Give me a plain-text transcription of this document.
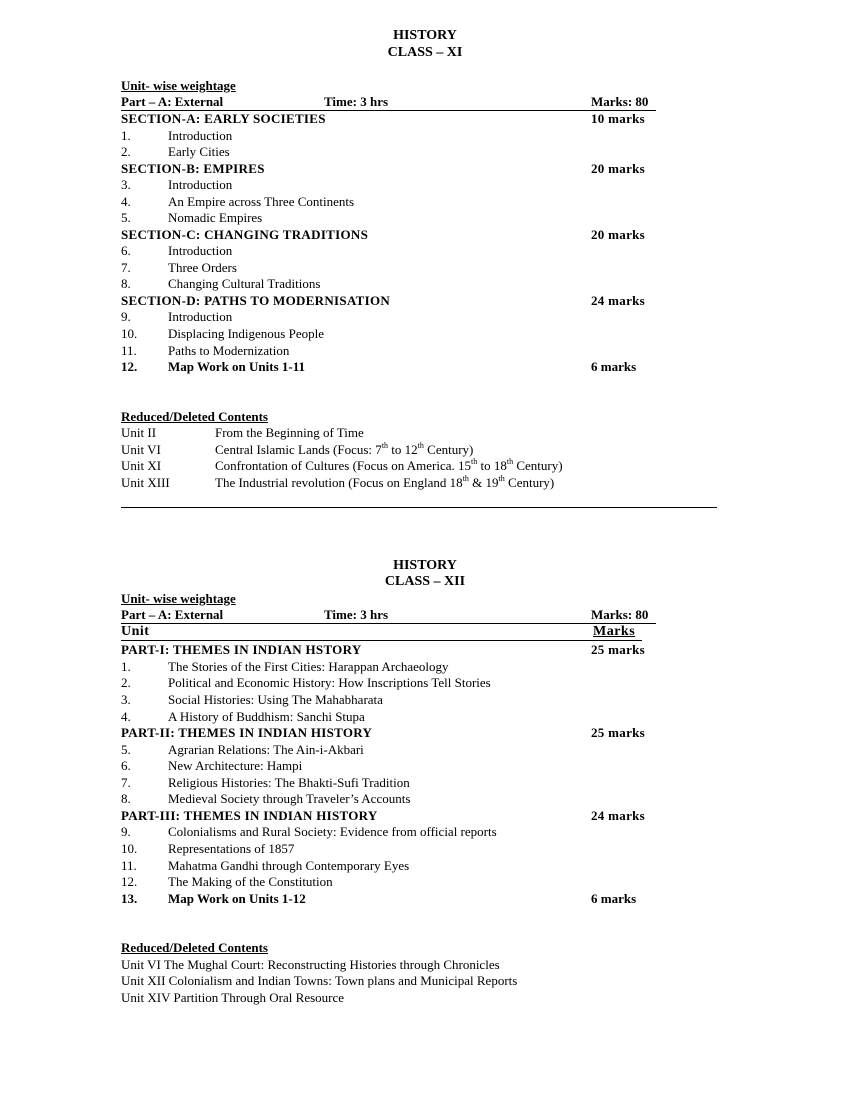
HISTORY
CLASS – XI
Unit- wise weightage
Part – A: External	Time: 3 hrs	Marks: 80
SECTION-A: EARLY SOCIETIES	10 marks
1.	Introduction
2.	Early Cities
SECTION-B: EMPIRES	20 marks
3.	Introduction
4.	An Empire across Three Continents
5.	Nomadic Empires
SECTION-C: CHANGING TRADITIONS	20 marks
6.	Introduction
7.	Three Orders
8.	Changing Cultural Traditions
SECTION-D: PATHS TO MODERNISATION	24 marks
9.	Introduction
10. Displacing Indigenous People
11. Paths to Modernization
12. Map Work on Units 1-11	6 marks
Reduced/Deleted Contents
Unit II	From the Beginning of Time
Unit VI	Central Islamic Lands (Focus: 7th to 12th Century)
Unit XI	Confrontation of Cultures (Focus on America. 15th to 18th Century)
Unit XIII	The Industrial revolution (Focus on England 18th & 19th Century)
HISTORY
CLASS – XII
Unit- wise weightage
Part – A: External	Time: 3 hrs	Marks: 80
Unit	Marks
PART-I: THEMES IN INDIAN HSTORY	25 marks
1.	The Stories of the First Cities: Harappan Archaeology
2.	Political and Economic History: How Inscriptions Tell Stories
3.	Social Histories: Using The Mahabharata
4.	A History of Buddhism: Sanchi Stupa
PART-II: THEMES IN INDIAN HISTORY	25 marks
5.	Agrarian Relations: The Ain-i-Akbari
6.	New Architecture: Hampi
7.	Religious Histories: The Bhakti-Sufi Tradition
8.	Medieval Society through Traveler’s Accounts
PART-III: THEMES IN INDIAN HISTORY	24 marks
9.	Colonialisms and Rural Society: Evidence from official reports
10. Representations of 1857
11. Mahatma Gandhi through Contemporary Eyes
12. The Making of the Constitution
13. Map Work on Units 1-12	6 marks
Reduced/Deleted Contents
Unit VI The Mughal Court: Reconstructing Histories through Chronicles
Unit XII Colonialism and Indian Towns: Town plans and Municipal Reports
Unit XIV Partition Through Oral Resource
